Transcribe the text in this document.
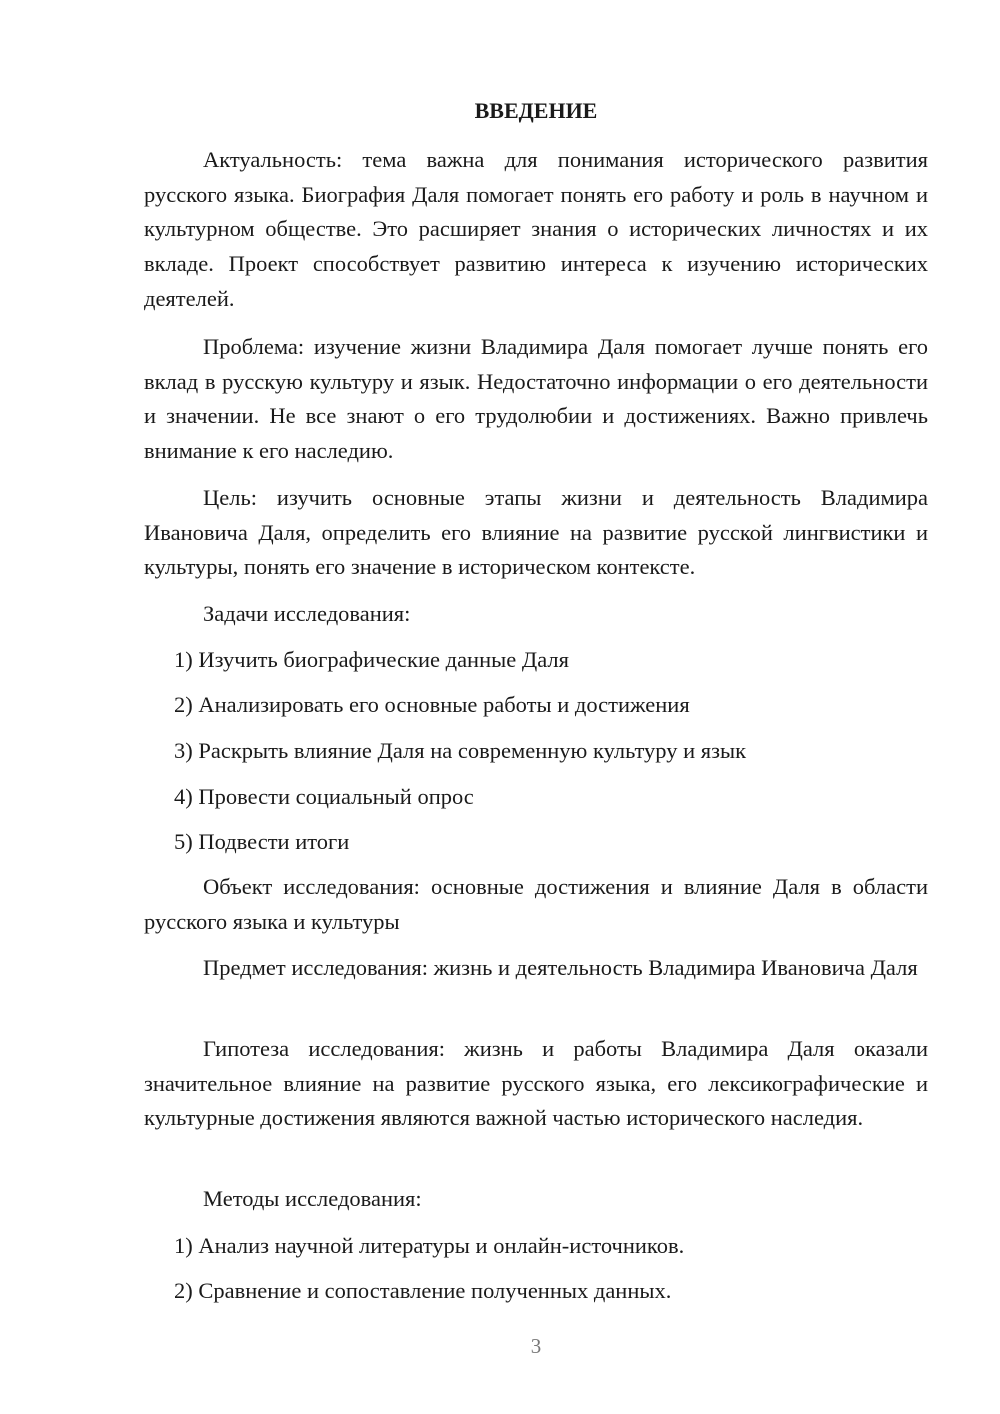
ВВЕДЕНИЕ

Актуальность: тема важна для понимания исторического развития русского языка. Биография Даля помогает понять его работу и роль в научном и культурном обществе. Это расширяет знания о исторических личностях и их вкладе. Проект способствует развитию интереса к изучению исторических деятелей.

Проблема: изучение жизни Владимира Даля помогает лучше понять его вклад в русскую культуру и язык. Недостаточно информации о его деятельности и значении. Не все знают о его трудолюбии и достижениях. Важно привлечь внимание к его наследию.

Цель: изучить основные этапы жизни и деятельность Владимира Ивановича Даля, определить его влияние на развитие русской лингвистики и культуры, понять его значение в историческом контексте.

Задачи исследования:

1) Изучить биографические данные Даля

2) Анализировать его основные работы и достижения

3) Раскрыть влияние Даля на современную культуру и язык

4) Провести социальный опрос

5) Подвести итоги

Объект исследования: основные достижения и влияние Даля в области русского языка и культуры

Предмет исследования: жизнь и деятельность Владимира Ивановича Даля

Гипотеза исследования: жизнь и работы Владимира Даля оказали значительное влияние на развитие русского языка, его лексикографические и культурные достижения являются важной частью исторического наследия.

Методы исследования:

1) Анализ научной литературы и онлайн-источников.

2) Сравнение и сопоставление полученных данных.

3
